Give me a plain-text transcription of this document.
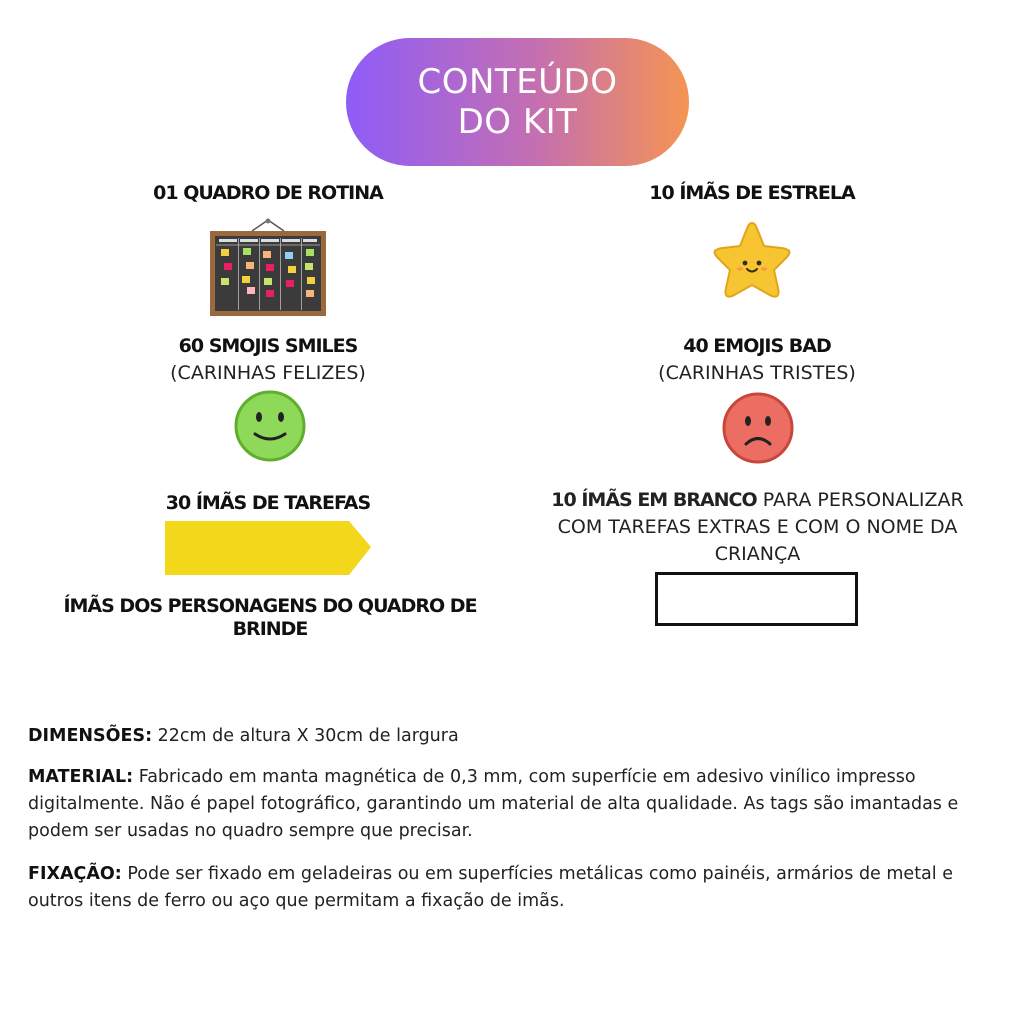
CONTEÚDO
DO KIT
01 QUADRO DE ROTINA	10 ÍMÃS DE ESTRELA
60 SMOJIS SMILES
(CARINHAS FELIZES)
40 EMOJIS BAD
(CARINHAS TRISTES)
30 ÍMÃS DE TAREFAS
ÍMÃS DOS PERSONAGENS DO QUADRO DE
BRINDE
10 ÍMÃS EM BRANCO PARA PERSONALIZAR
COM TAREFAS EXTRAS E COM O NOME DA
CRIANÇA
DIMENSÕES: 22cm de altura X 30cm de largura
MATERIAL: Fabricado em manta magnética de 0,3 mm, com superfície em adesivo vinílico impresso digitalmente. Não é papel fotográfico, garantindo um material de alta qualidade. As tags são imantadas e podem ser usadas no quadro sempre que precisar.
FIXAÇÃO: Pode ser fixado em geladeiras ou em superfícies metálicas como painéis, armários de metal e outros itens de ferro ou aço que permitam a fixação de imãs.
